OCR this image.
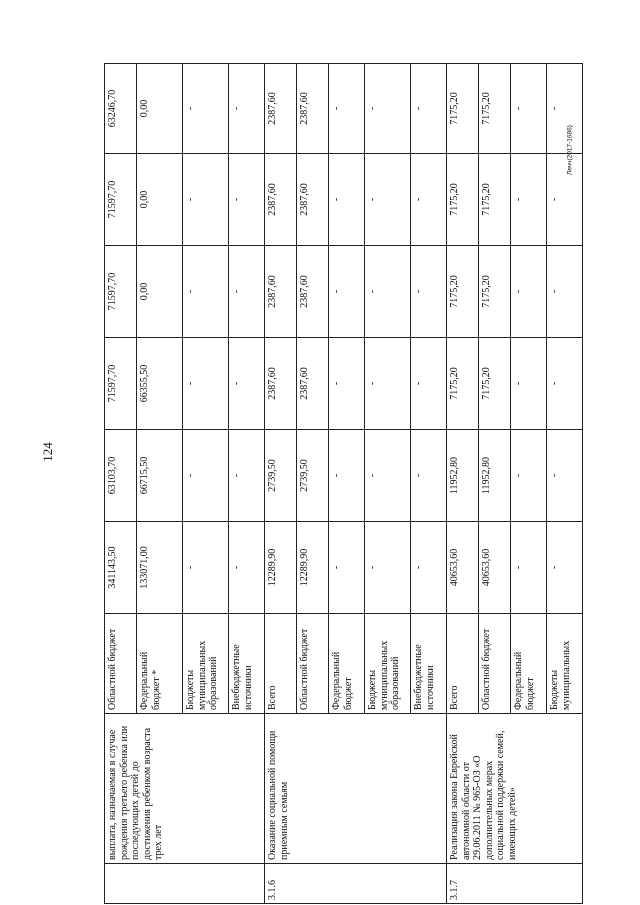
124
Лечч(2017-1686)
	выплата, назначаемая в случае рождения третьего ребенка или последующих детей до достижения ребенком возраста трех лет	Областной бюджет	341143,50	63103,70	71597,70	71597,70	71597,70	63246,70
		Федеральный бюджет *	133071,00	66715,50	66355,50	0,00	0,00	0,00
		Бюджеты муниципальных образований	-	-	-	-	-	-
		Внебюджетные источники	-	-	-	-	-	-
3.1.6	Оказание социальной помощи приемным семьям	Всего	12289,90	2739,50	2387,60	2387,60	2387,60	2387,60
		Областной бюджет	12289,90	2739,50	2387,60	2387,60	2387,60	2387,60
		Федеральный бюджет	-	-	-	-	-	-
		Бюджеты муниципальных образований	-	-	-	-	-	-
		Внебюджетные источники	-	-	-	-	-	-
3.1.7	Реализация закона Еврейской автономной области от 29.06.2011 № 965-ОЗ «О дополнительных мерах социальной поддержки семей, имеющих детей»	Всего	40653,60	11952,80	7175,20	7175,20	7175,20	7175,20
		Областной бюджет	40653,60	11952,80	7175,20	7175,20	7175,20	7175,20
		Федеральный бюджет	-	-	-	-	-	-
		Бюджеты муниципальных	-	-	-	-	-	-
